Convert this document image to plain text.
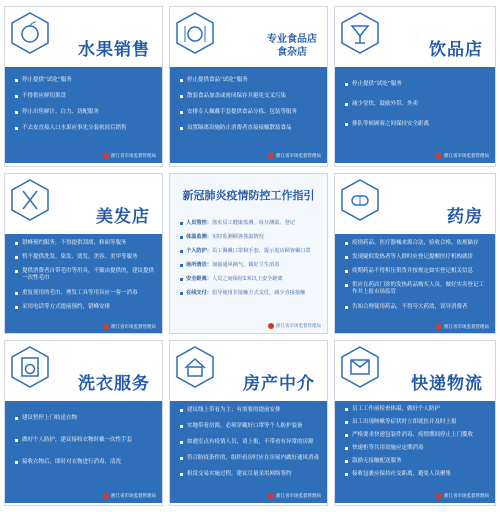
水果销售
停止提供“试吃”服务
不得供应鲜切果盘
停止出售鲜汁、白力、切配服务
不去皮直接入口水果应事先分装密封后销售
浙江省市场监督管理局
专业食品店
食杂店
停止提供食品“试吃”服务
散装食品加盖或密闭保存并避免交叉污染
安排专人佩戴手套提供食品分拣、包装等服务
设置隔离设施防止消费者直接接触散装食品
浙江省市场监督管理局
饮品店
停止提供“试吃”服务
减少堂饮，鼓励外带、外卖
排队等候顾客之间保持安全距离
浙江省市场监督管理局
美发店
错峰预约服务，不得提供刮胡、修面等服务
暂不提供洗发、染发、烫发、美容、美甲等服务
提供消费者自带毛巾等用具，不戴由提供的，建议提供一次性毛巾
重复使用的毛巾、理发工具等用具应一客一消毒
采用电话等方式提前预约，错峰安排
浙江省市场监督管理局
新冠肺炎疫情防控工作指引
人员管控：落实员工健康监测，每日测温、登记
体温监测：实时监测顾客体温情况
个人防护：员工佩戴口罩和手套，提示进店顾客戴口罩
场所清洁：加强通风换气，做好卫生消毒
安全距离：人员之间保持1米以上安全距离
在线支付：倡导使用非接触方式支付，减少直接接触
浙江省市场监督管理局
药房
疫情药品、医疗器械来源合法，验收合格，依规储存
发现疑似发热者等人群时应登记提醒医疗机构就诊
疫期药品不得积压供货并按规定如实登记相关信息
供应在药店门诊的发热药品购买人员，做好实名登记工作并上报市场监管
告知合理使用药品，不得夸大药效，误导消费者
浙江省市场监督管理局
洗衣服务
建议暂停上门收送衣物
做好个人防护，建议接收衣物时戴一次性手套
接收衣物后，即时对衣物进行消毒、清洗
浙江省市场监督管理局
房产中介
建议线上带看为主；有需要的提前安排
实地带看房源，必须穿戴好口罩等个人防护装备
如遇室点有疫情人员，请上报，不带看有异常的房源
符合防疫条件的，组织看房时应在房屋内做好通风消毒
租赁交易实施过程，建议尽量采用网络签约
浙江省市场监督管理局
快递物流
员工工作前检查体温，做好个人防护
员工出现咳嗽等症状时立即就医并及时上报
严格要求快递包装件消毒、疫情期间停止上门揽收
快递柜等共用设施应定期消毒
鼓励无接触配送服务
接收包裹应保持社交距离，避免人员聚集
浙江省市场监督管理局
